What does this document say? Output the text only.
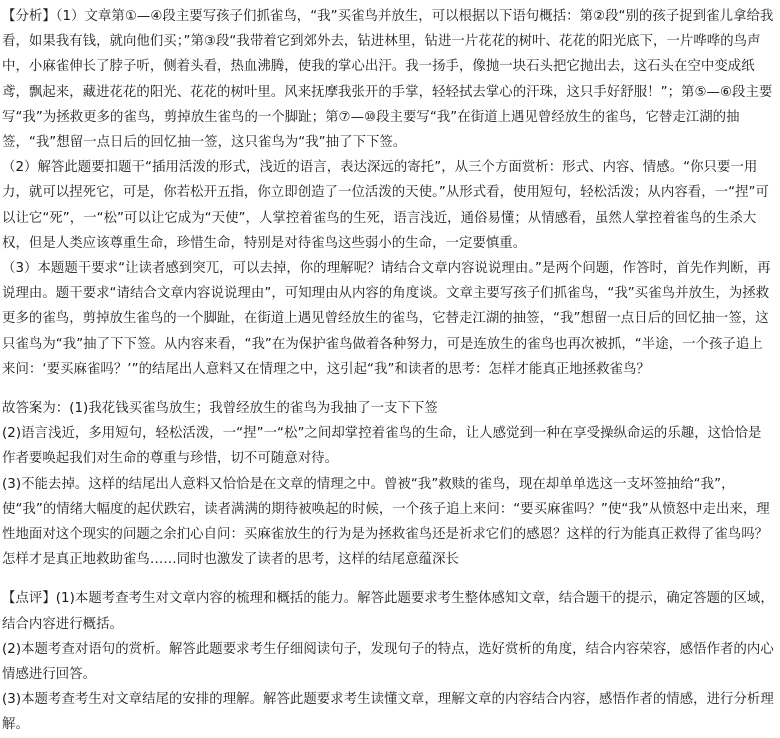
【分析】（1）文章第①—④段主要写孩子们抓雀鸟，“我”买雀鸟并放生，可以根据以下语句概括：第②段“别的孩子捉到雀儿拿给我看，如果我有钱，就向他们买；”第③段“我带着它到郊外去，钻进林里，钻进一片花花的树叶、花花的阳光底下，一片哗哗的鸟声中，小麻雀伸长了脖子听，侧着头看，热血沸腾，使我的掌心出汗。我一扬手，像抛一块石头把它抛出去，这石头在空中变成纸鸢，飘起来，藏进花花的阳光、花花的树叶里。风来抚摩我张开的手掌，轻轻拭去掌心的汗珠，这只手好舒服！”；第⑤—⑥段主要写“我”为拯救更多的雀鸟，剪掉放生雀鸟的一个脚趾；第⑦—⑩段主要写“我”在街道上遇见曾经放生的雀鸟，它替走江湖的抽签，“我”想留一点日后的回忆抽一签，这只雀鸟为“我”抽了下下签。

（2）解答此题要扣题干“插用活泼的形式，浅近的语言，表达深远的寄托”，从三个方面赏析：形式、内容、情感。“你只要一用力，就可以捏死它，可是，你若松开五指，你立即创造了一位活泼的天使。”从形式看，使用短句，轻松活泼；从内容看，一“捏”可以让它“死”，一“松”可以让它成为“天使”，人掌控着雀鸟的生死，语言浅近，通俗易懂；从情感看，虽然人掌控着雀鸟的生杀大权，但是人类应该尊重生命，珍惜生命，特别是对待雀鸟这些弱小的生命，一定要慎重。

（3）本题题干要求“让读者感到突兀，可以去掉，你的理解呢？请结合文章内容说说理由。”是两个问题，作答时，首先作判断，再说理由。题干要求“请结合文章内容说说理由”，可知理由从内容的角度谈。文章主要写孩子们抓雀鸟，“我”买雀鸟并放生，为拯救更多的雀鸟，剪掉放生雀鸟的一个脚趾，在街道上遇见曾经放生的雀鸟，它替走江湖的抽签，“我”想留一点日后的回忆抽一签，这只雀鸟为“我”抽了下下签。从内容来看，“我”在为保护雀鸟做着各种努力，可是连放生的雀鸟也再次被抓，“半途，一个孩子追上来问：‘要买麻雀吗？’”的结尾出人意料又在情理之中，这引起“我”和读者的思考：怎样才能真正地拯救雀鸟？

故答案为：(1)我花钱买雀鸟放生；我曾经放生的雀鸟为我抽了一支下下签

(2)语言浅近，多用短句，轻松活泼，一“捏”一“松”之间却掌控着雀鸟的生命，让人感觉到一种在享受操纵命运的乐趣，这恰恰是作者要唤起我们对生命的尊重与珍惜，切不可随意对待。

(3)不能去掉。这样的结尾出人意料又恰恰是在文章的情理之中。曾被“我”救赎的雀鸟，现在却单单选这一支坏签抽给“我”，使“我”的情绪大幅度的起伏跌宕，读者满满的期待被唤起的时候，一个孩子追上来问：“要买麻雀吗？”使“我”从愤怒中走出来，理性地面对这个现实的问题之余扪心自问：买麻雀放生的行为是为拯救雀鸟还是祈求它们的感恩？这样的行为能真正救得了雀鸟吗？怎样才是真正地救助雀鸟……同时也激发了读者的思考，这样的结尾意蕴深长

【点评】(1)本题考查考生对文章内容的梳理和概括的能力。解答此题要求考生整体感知文章，结合题干的提示，确定答题的区域，结合内容进行概括。

(2)本题考查对语句的赏析。解答此题要求考生仔细阅读句子，发现句子的特点，选好赏析的角度，结合内容荣容，感悟作者的内心情感进行回答。

(3)本题考查考生对文章结尾的安排的理解。解答此题要求考生读懂文章，理解文章的内容结合内容，感悟作者的情感，进行分析理解。
